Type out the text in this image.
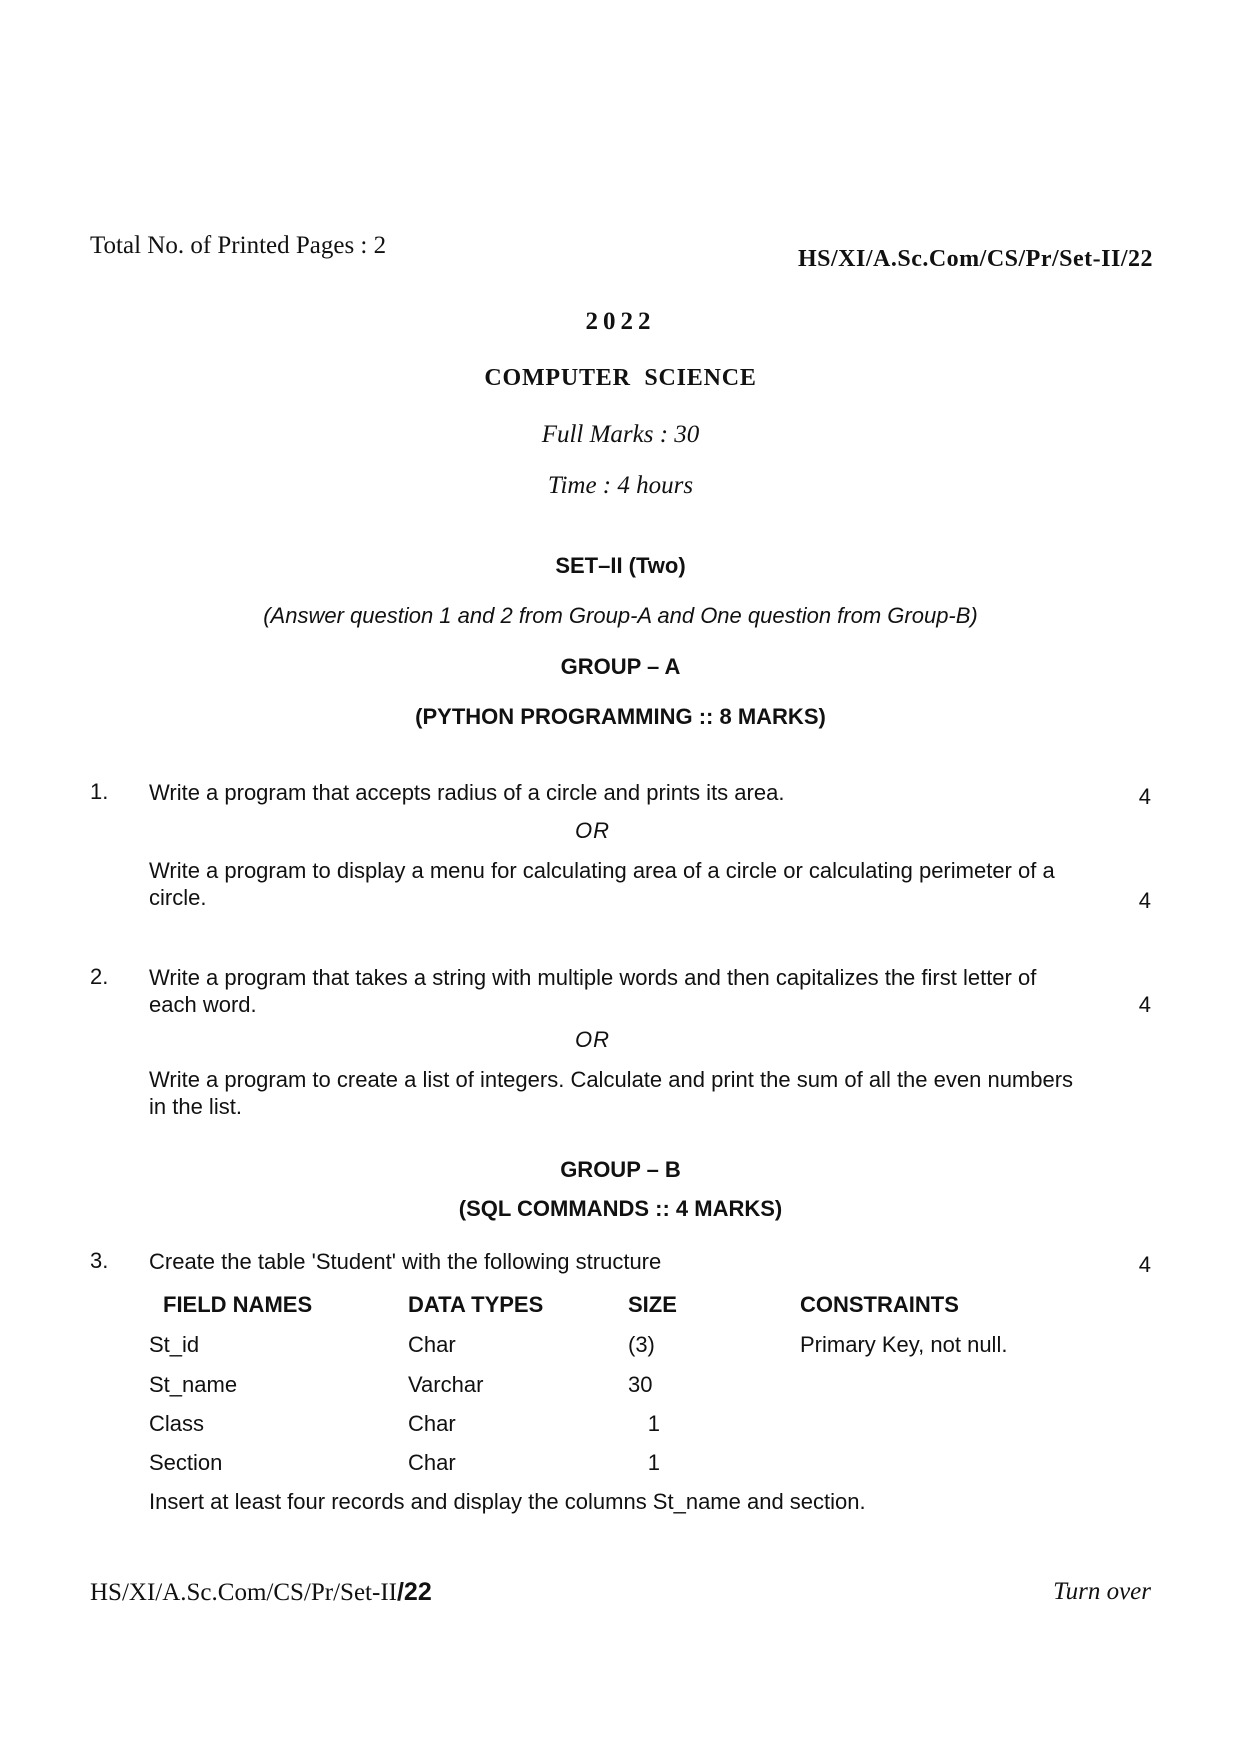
Total No. of Printed Pages : 2	HS/XI/A.Sc.Com/CS/Pr/Set-II/22
2022
COMPUTER  SCIENCE
Full Marks : 30
Time : 4 hours
SET–II (Two)
(Answer question 1 and 2 from Group-A and One question from Group-B)
GROUP – A
(PYTHON PROGRAMMING :: 8 MARKS)
1. Write a program that accepts radius of a circle and prints its area.	4
OR
Write a program to display a menu for calculating area of a circle or calculating perimeter of a
circle.	4
2. Write a program that takes a string with multiple words and then capitalizes the first letter of
each word.	4
OR
Write a program to create a list of integers. Calculate and print the sum of all the even numbers
in the list.
GROUP – B
(SQL COMMANDS :: 4 MARKS)
3. Create the table 'Student' with the following structure	4
FIELD NAMES	DATA TYPES	SIZE	CONSTRAINTS
St_id	Char	(3)	Primary Key, not null.
St_name	Varchar	30
Class	Char	1
Section	Char	1
Insert at least four records and display the columns St_name and section.
HS/XI/A.Sc.Com/CS/Pr/Set-II/22	Turn over
